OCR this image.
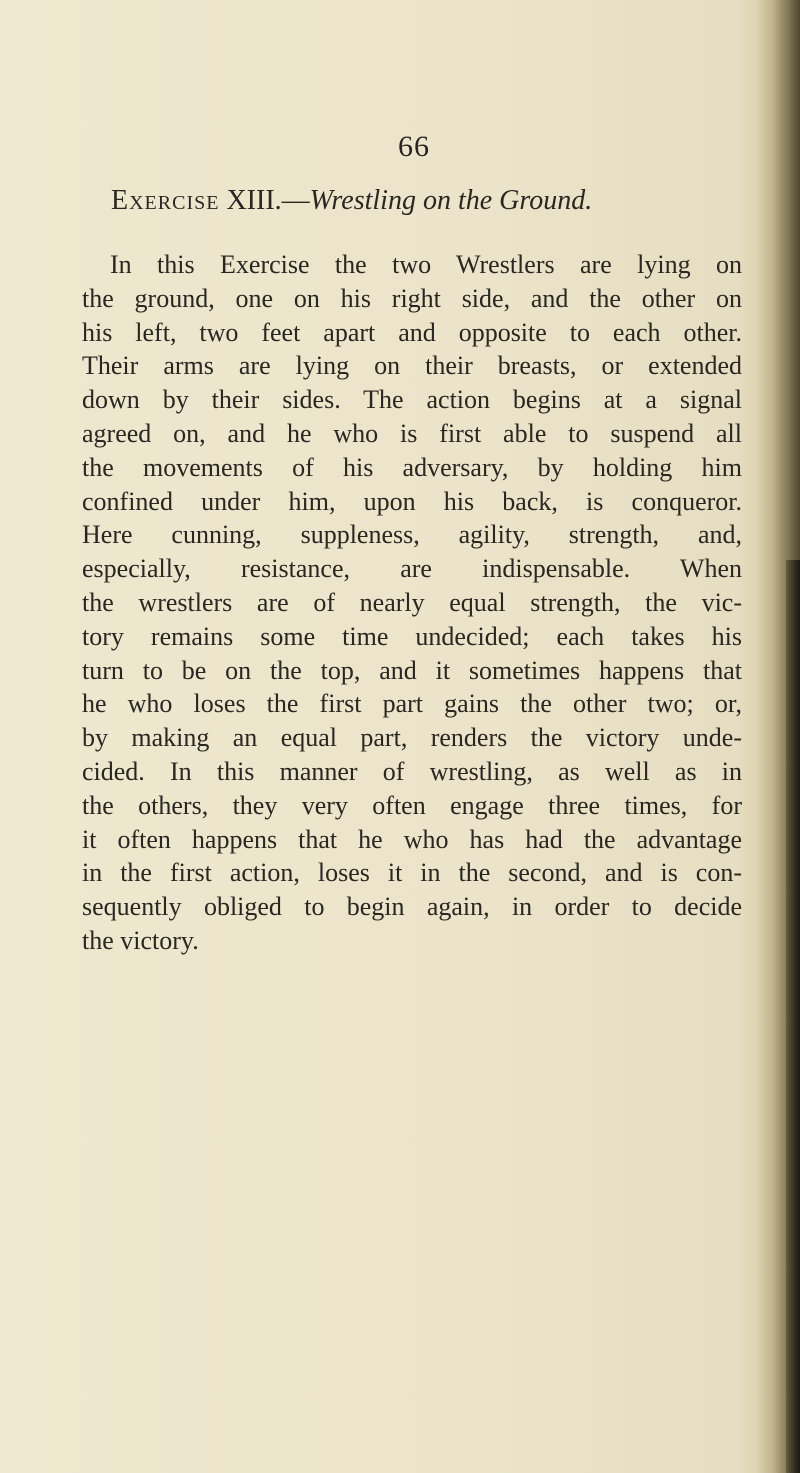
66
Exercise XIII.—Wrestling on the Ground.
In this Exercise the two Wrestlers are lying on
the ground, one on his right side, and the other on
his left, two feet apart and opposite to each other.
Their arms are lying on their breasts, or extended
down by their sides. The action begins at a signal
agreed on, and he who is first able to suspend all
the movements of his adversary, by holding him
confined under him, upon his back, is conqueror.
Here cunning, suppleness, agility, strength, and,
especially, resistance, are indispensable. When
the wrestlers are of nearly equal strength, the vic-
tory remains some time undecided; each takes his
turn to be on the top, and it sometimes happens that
he who loses the first part gains the other two; or,
by making an equal part, renders the victory unde-
cided. In this manner of wrestling, as well as in
the others, they very often engage three times, for
it often happens that he who has had the advantage
in the first action, loses it in the second, and is con-
sequently obliged to begin again, in order to decide
the victory.
